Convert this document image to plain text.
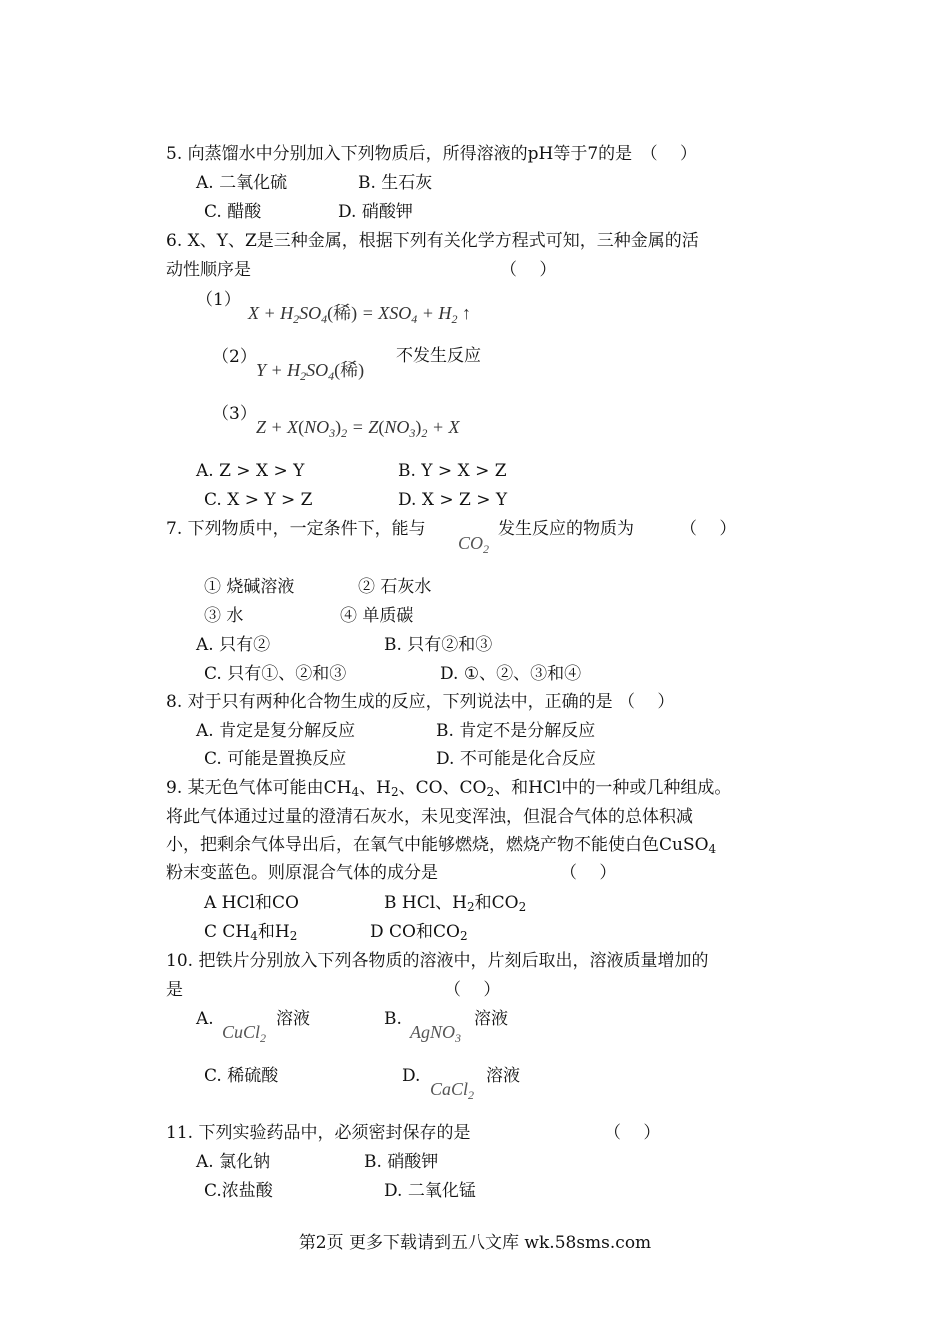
5. 向蒸馏水中分别加入下列物质后，所得溶液的pH等于7的是　（　 ）
A. 二氧化硫	B. 生石灰
C. 醋酸	D. 硝酸钾
6. X、Y、Z是三种金属，根据下列有关化学方程式可知，三种金属的活
动性顺序是	（　 ）
（1）
$X + H_2SO_4$(稀) = $XSO_4 + H_2$ ↑
（2）
$Y + H_2SO_4$(稀)
不发生反应
（3）
$Z + X(NO_3)_2 = Z(NO_3)_2 + X$
A. Z > X > Y	B. Y > X > Z
C. X > Y > Z	D. X > Z > Y
7. 下列物质中，一定条件下，能与
$CO_2$
发生反应的物质为	（　 ）
① 烧碱溶液	② 石灰水
③ 水	④ 单质碳
A. 只有②	B. 只有②和③
C. 只有①、②和③	D. ①、②、③和④
8. 对于只有两种化合物生成的反应，下列说法中，正确的是 （　 ）
A. 肯定是复分解反应	B. 肯定不是分解反应
C. 可能是置换反应	D. 不可能是化合反应
9. 某无色气体可能由CH4、H2、CO、CO2、和HCl中的一种或几种组成。
将此气体通过过量的澄清石灰水，未见变浑浊，但混合气体的总体积减
小，把剩余气体导出后，在氧气中能够燃烧，燃烧产物不能使白色CuSO4
粉末变蓝色。则原混合气体的成分是	（　 ）
A HCl和CO	B HCl、H2和CO2
C CH4和H2	D CO和CO2
10. 把铁片分别放入下列各物质的溶液中，片刻后取出，溶液质量增加的
是	（　 ）
A.
CuCl$_2$
溶液	B.
AgNO$_3$
溶液
C. 稀硫酸	D.
CaCl$_2$
溶液
11. 下列实验药品中，必须密封保存的是	（　 ）
A. 氯化钠	B. 硝酸钾
C.浓盐酸	D. 二氧化锰
第2页 更多下载请到五八文库 wk.58sms.com
